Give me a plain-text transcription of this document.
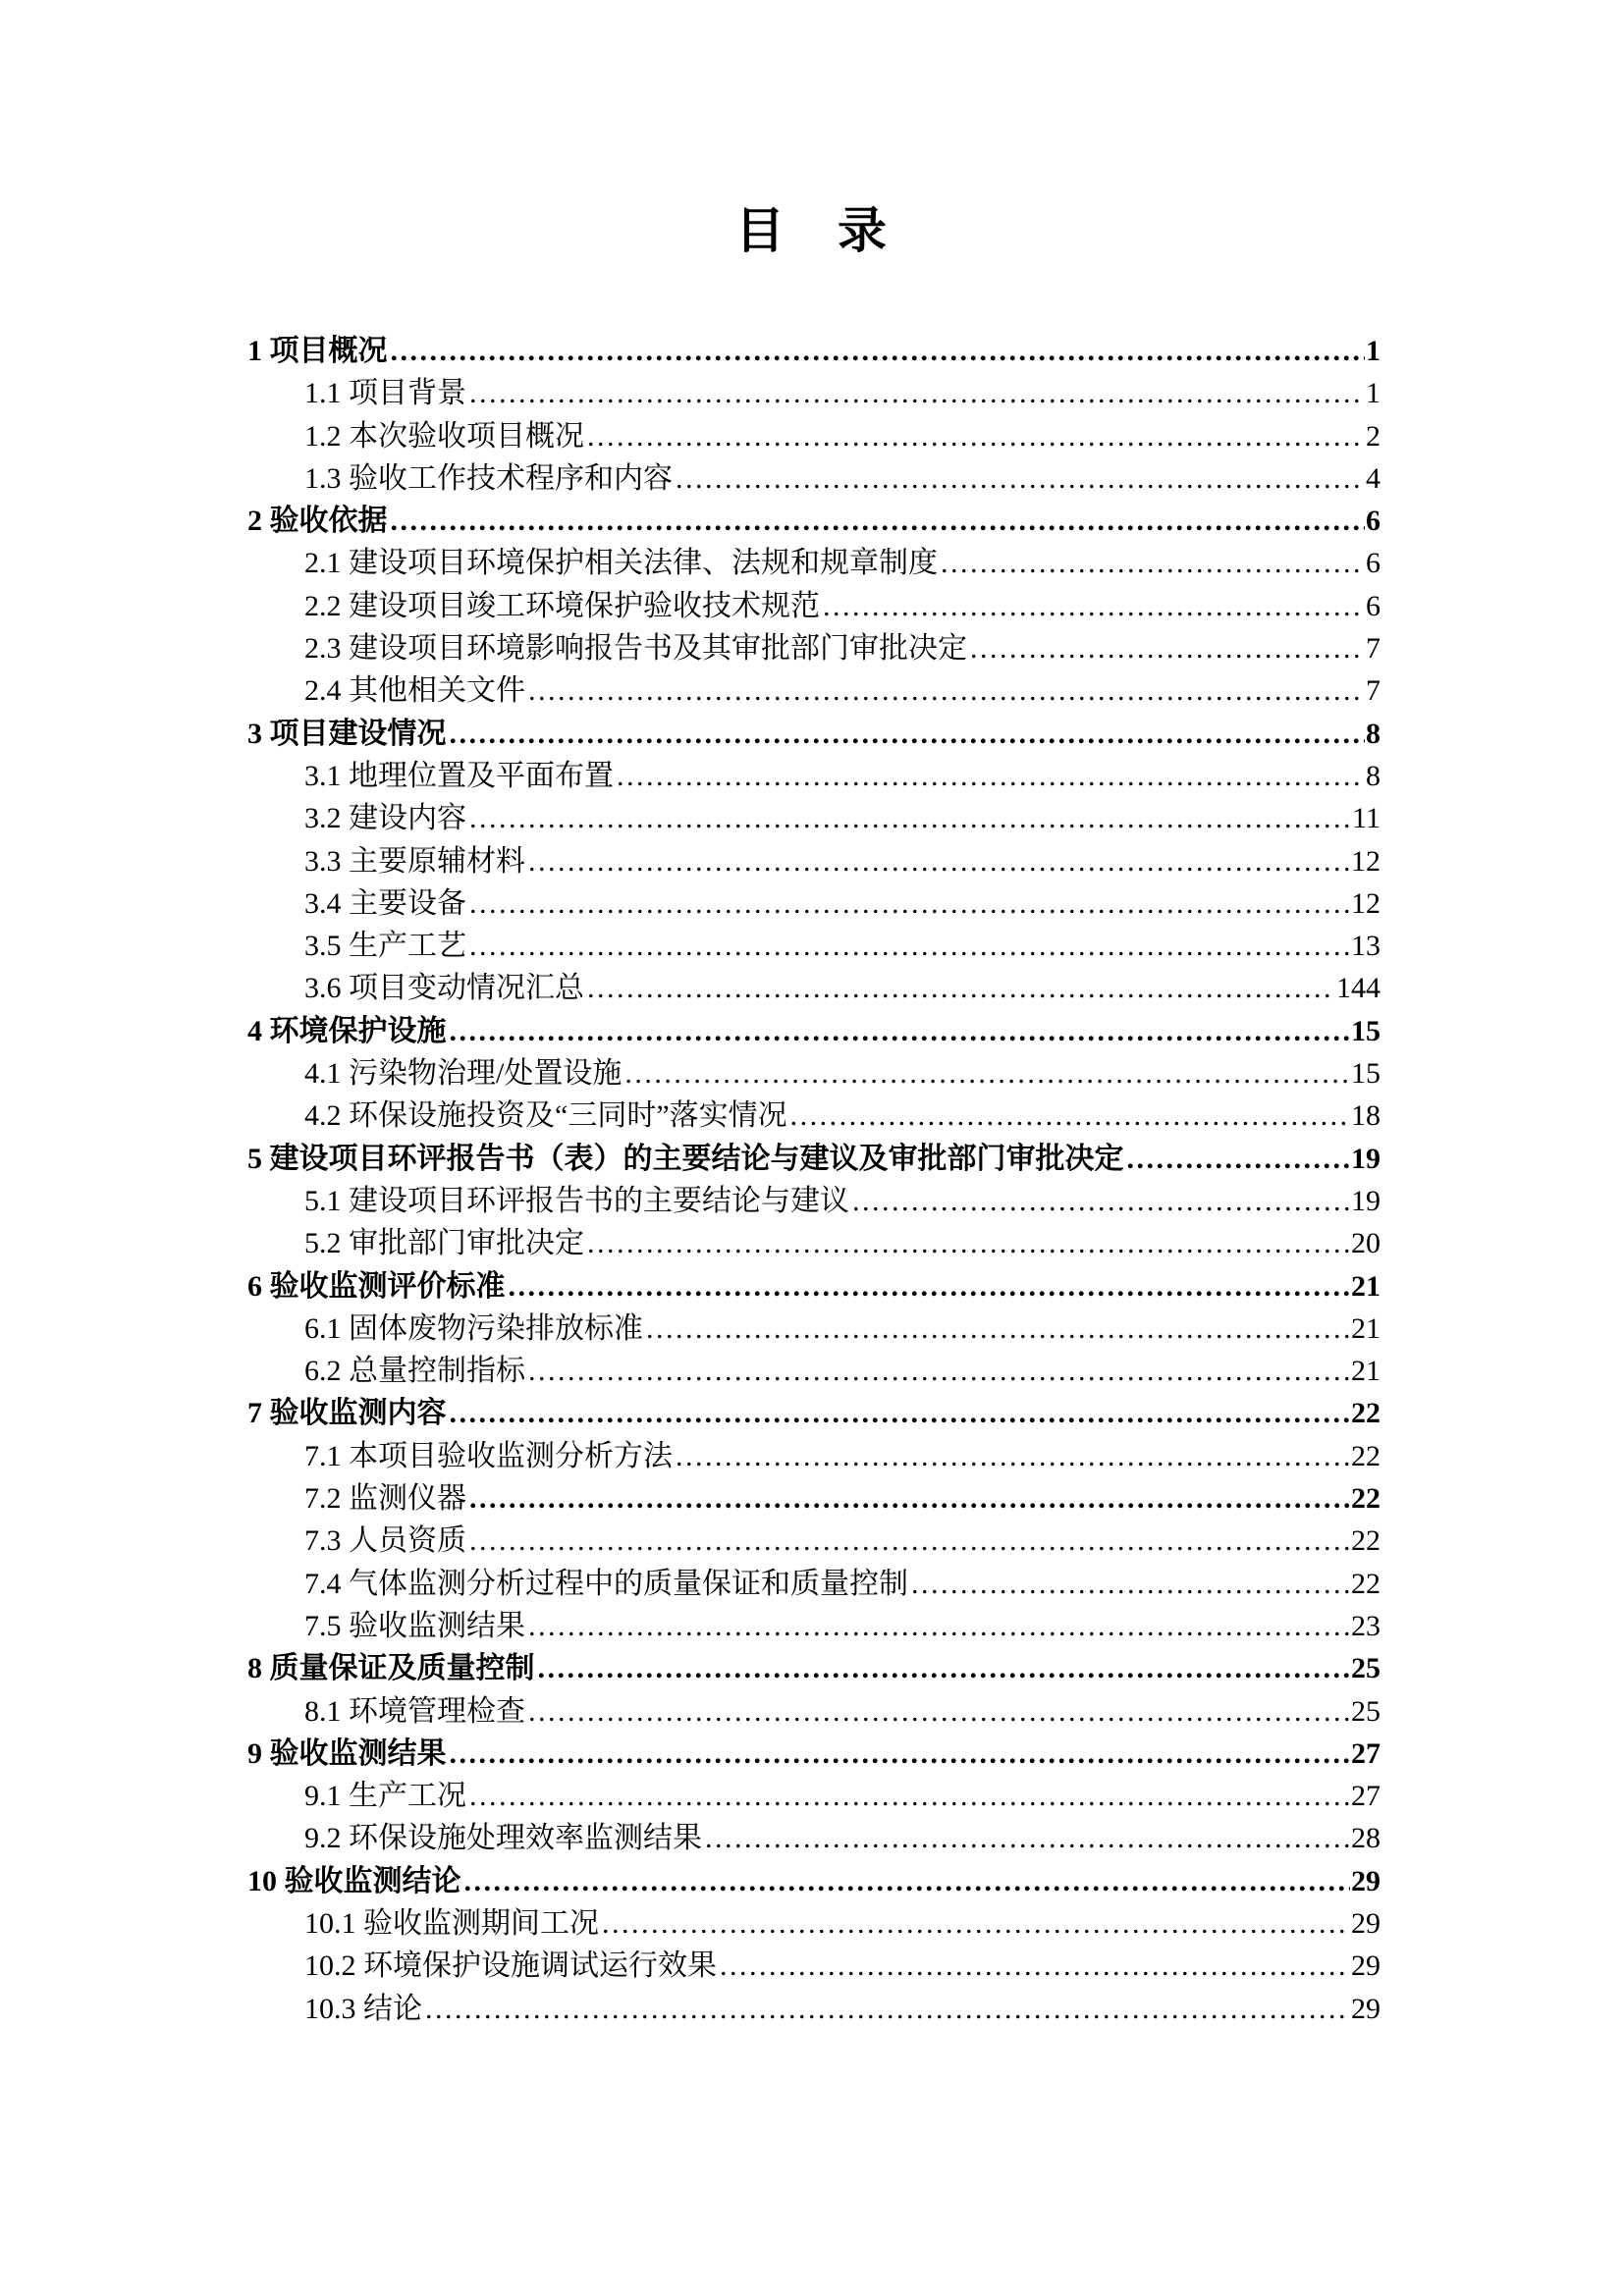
目　录
1 项目概况 .....	1
1.1 项目背景 .....	1
1.2 本次验收项目概况 .....	2
1.3 验收工作技术程序和内容 .....	4
2 验收依据 .....	6
2.1 建设项目环境保护相关法律、法规和规章制度 .....	6
2.2 建设项目竣工环境保护验收技术规范 .....	6
2.3 建设项目环境影响报告书及其审批部门审批决定 .....	7
2.4 其他相关文件 .....	7
3 项目建设情况 .....	8
3.1 地理位置及平面布置 .....	8
3.2 建设内容 .....	11
3.3 主要原辅材料 .....	12
3.4 主要设备 .....	12
3.5 生产工艺 .....	13
3.6 项目变动情况汇总 .....	144
4 环境保护设施 .....	15
4.1 污染物治理/处置设施 .....	15
4.2 环保设施投资及“三同时”落实情况 .....	18
5 建设项目环评报告书（表）的主要结论与建议及审批部门审批决定 .....	19
5.1 建设项目环评报告书的主要结论与建议 .....	19
5.2 审批部门审批决定 .....	20
6 验收监测评价标准 .....	21
6.1 固体废物污染排放标准 .....	21
6.2 总量控制指标 .....	21
7 验收监测内容 .....	22
7.1 本项目验收监测分析方法 .....	22
7.2 监测仪器 .....	22
7.3 人员资质 .....	22
7.4 气体监测分析过程中的质量保证和质量控制 .....	22
7.5 验收监测结果 .....	23
8 质量保证及质量控制 .....	25
8.1 环境管理检查 .....	25
9 验收监测结果 .....	27
9.1 生产工况 .....	27
9.2 环保设施处理效率监测结果 .....	28
10 验收监测结论 .....	29
10.1 验收监测期间工况 .....	29
10.2 环境保护设施调试运行效果 .....	29
10.3 结论 .....	29
